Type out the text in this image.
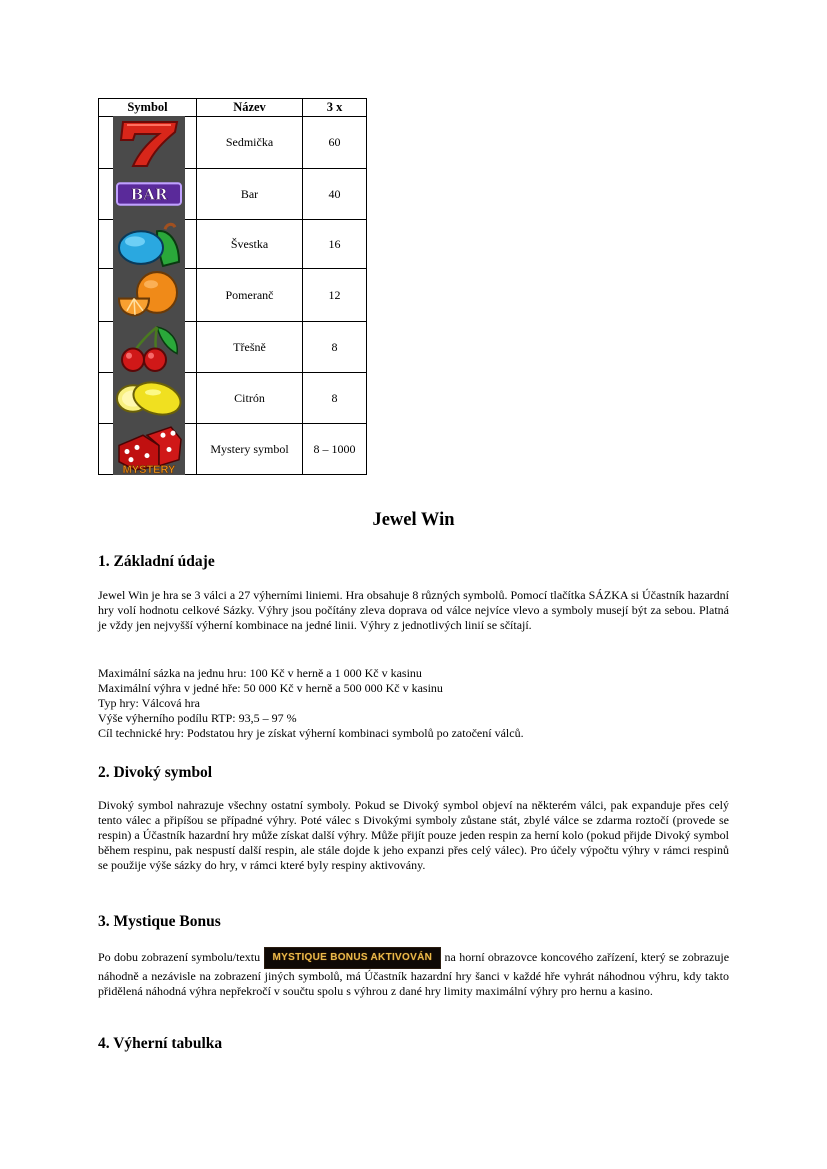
Symbol	Název	3 x

	Sedmička	60

BAR	Bar	40

	Švestka	16

	Pomeranč	12

	Třešně	8

	Citrón	8

MYSTERY	Mystery symbol	8 – 1000
Jewel Win
1. Základní údaje
Jewel Win je hra se 3 válci a 27 výherními liniemi. Hra obsahuje 8 různých symbolů. Pomocí tlačítka SÁZKA si Účastník hazardní hry volí hodnotu celkové Sázky. Výhry jsou počítány zleva doprava od válce nejvíce vlevo a symboly musejí být za sebou. Platná je vždy jen nejvyšší výherní kombinace na jedné linii. Výhry z jednotlivých linií se sčítají.
Maximální sázka na jednu hru: 100 Kč v herně a 1 000 Kč v kasinu
Maximální výhra v jedné hře: 50 000 Kč v herně a 500 000 Kč v kasinu
Typ hry: Válcová hra
Výše výherního podílu RTP: 93,5 – 97 %
Cíl technické hry: Podstatou hry je získat výherní kombinaci symbolů po zatočení válců.
2. Divoký symbol
Divoký symbol nahrazuje všechny ostatní symboly. Pokud se Divoký symbol objeví na některém válci, pak expanduje přes celý tento válec a připíšou se případné výhry. Poté válec s Divokými symboly zůstane stát, zbylé válce se zdarma roztočí (provede se respin) a Účastník hazardní hry může získat další výhry. Může přijít pouze jeden respin za herní kolo (pokud přijde Divoký symbol během respinu, pak nespustí další respin, ale stále dojde k jeho expanzi přes celý válec). Pro účely výpočtu výhry v rámci respinů se použije výše sázky do hry, v rámci které byly respiny aktivovány.
3. Mystique Bonus
Po dobu zobrazení symbolu/textu MYSTIQUE BONUS AKTIVOVÁN na horní obrazovce koncového zařízení, který se zobrazuje náhodně a nezávisle na zobrazení jiných symbolů, má Účastník hazardní hry šanci v každé hře vyhrát náhodnou výhru, kdy takto přidělená náhodná výhra nepřekročí v součtu spolu s výhrou z dané hry limity maximální výhry pro hernu a kasino.
4. Výherní tabulka
